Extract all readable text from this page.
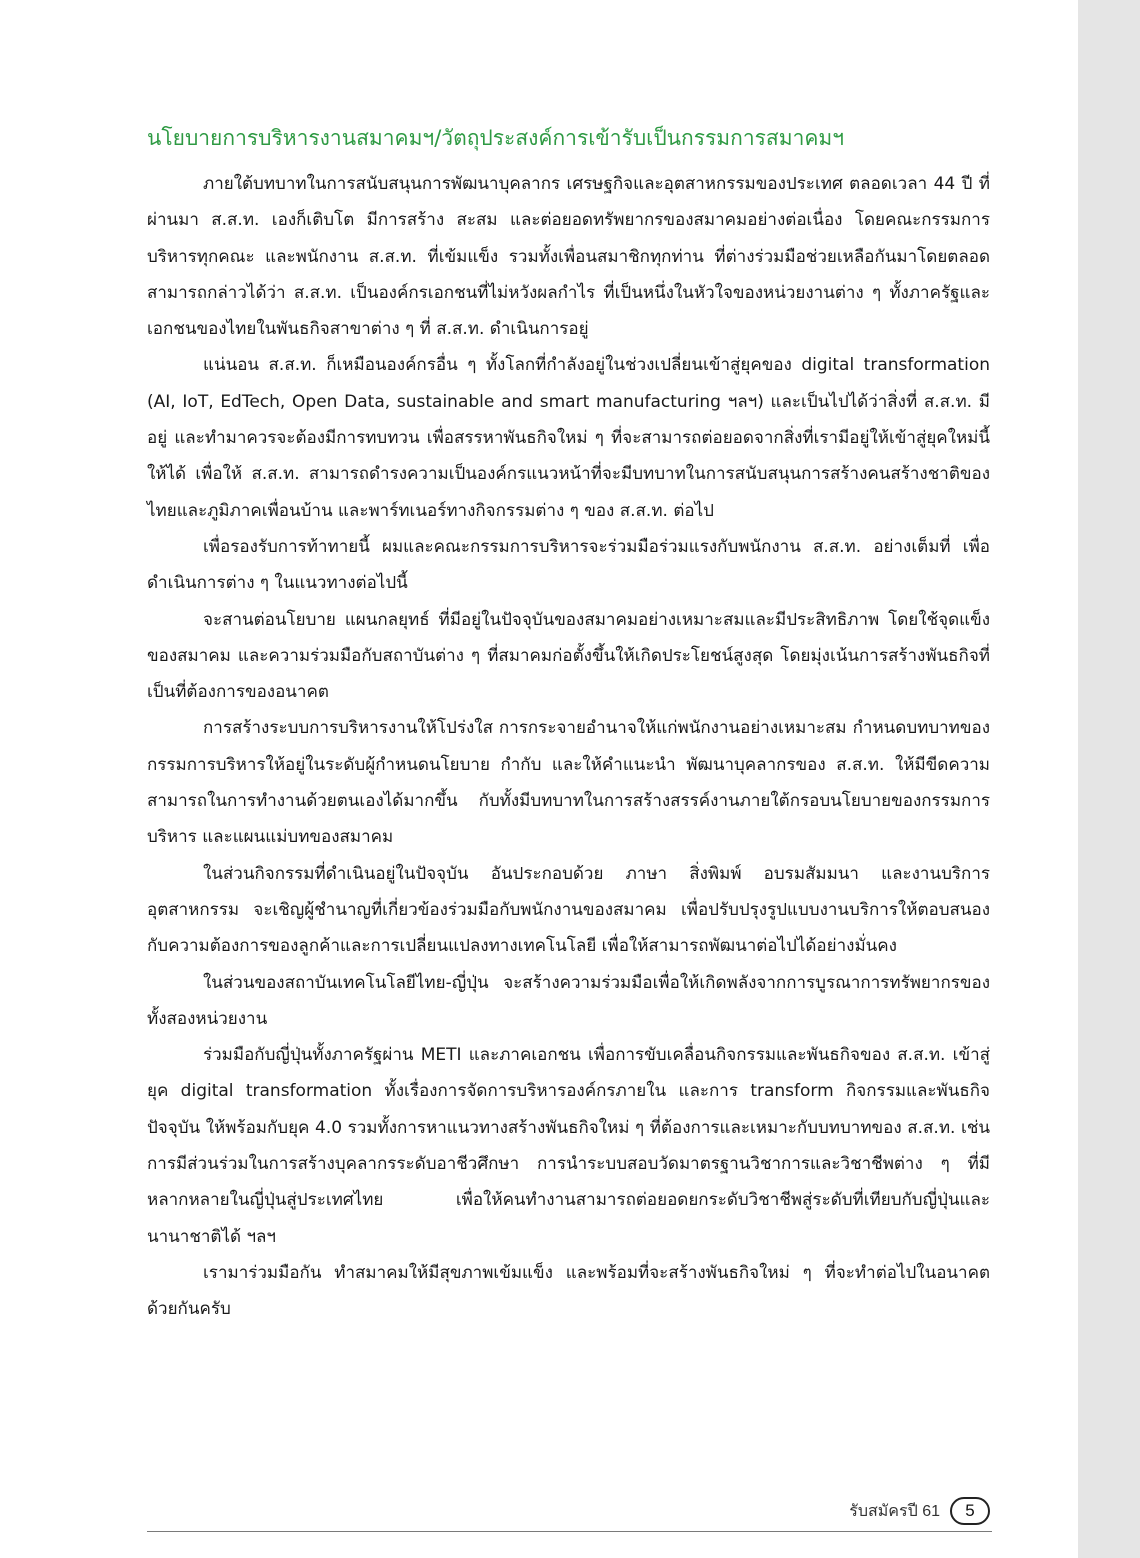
นโยบายการบริหารงานสมาคมฯ/วัตถุประสงค์การเข้ารับเป็นกรรมการสมาคมฯ

ภายใต้บทบาทในการสนับสนุนการพัฒนาบุคลากร เศรษฐกิจและอุตสาหกรรมของประเทศ ตลอดเวลา 44 ปี ที่ผ่านมา ส.ส.ท. เองก็เติบโต มีการสร้าง สะสม และต่อยอดทรัพยากรของสมาคมอย่างต่อเนื่อง โดยคณะกรรมการบริหารทุกคณะ และพนักงาน ส.ส.ท. ที่เข้มแข็ง รวมทั้งเพื่อนสมาชิกทุกท่าน ที่ต่างร่วมมือช่วยเหลือกันมาโดยตลอด สามารถกล่าวได้ว่า ส.ส.ท. เป็นองค์กรเอกชนที่ไม่หวังผลกำไร ที่เป็นหนึ่งในหัวใจของหน่วยงานต่าง ๆ ทั้งภาครัฐและเอกชนของไทยในพันธกิจสาขาต่าง ๆ ที่ ส.ส.ท. ดำเนินการอยู่

แน่นอน ส.ส.ท. ก็เหมือนองค์กรอื่น ๆ ทั้งโลกที่กำลังอยู่ในช่วงเปลี่ยนเข้าสู่ยุคของ digital transformation (AI, IoT, EdTech, Open Data, sustainable and smart manufacturing ฯลฯ) และเป็นไปได้ว่าสิ่งที่ ส.ส.ท. มีอยู่ และทำมาควรจะต้องมีการทบทวน เพื่อสรรหาพันธกิจใหม่ ๆ ที่จะสามารถต่อยอดจากสิ่งที่เรามีอยู่ให้เข้าสู่ยุคใหม่นี้ให้ได้ เพื่อให้ ส.ส.ท. สามารถดำรงความเป็นองค์กรแนวหน้าที่จะมีบทบาทในการสนับสนุนการสร้างคนสร้างชาติของไทยและภูมิภาคเพื่อนบ้าน และพาร์ทเนอร์ทางกิจกรรมต่าง ๆ ของ ส.ส.ท. ต่อไป

เพื่อรองรับการท้าทายนี้ ผมและคณะกรรมการบริหารจะร่วมมือร่วมแรงกับพนักงาน ส.ส.ท. อย่างเต็มที่ เพื่อดำเนินการต่าง ๆ ในแนวทางต่อไปนี้

จะสานต่อนโยบาย แผนกลยุทธ์ ที่มีอยู่ในปัจจุบันของสมาคมอย่างเหมาะสมและมีประสิทธิภาพ โดยใช้จุดแข็งของสมาคม และความร่วมมือกับสถาบันต่าง ๆ ที่สมาคมก่อตั้งขึ้นให้เกิดประโยชน์สูงสุด โดยมุ่งเน้นการสร้างพันธกิจที่เป็นที่ต้องการของอนาคต

การสร้างระบบการบริหารงานให้โปร่งใส การกระจายอำนาจให้แก่พนักงานอย่างเหมาะสม กำหนดบทบาทของกรรมการบริหารให้อยู่ในระดับผู้กำหนดนโยบาย กำกับ และให้คำแนะนำ พัฒนาบุคลากรของ ส.ส.ท. ให้มีขีดความสามารถในการทำงานด้วยตนเองได้มากขึ้น กับทั้งมีบทบาทในการสร้างสรรค์งานภายใต้กรอบนโยบายของกรรมการบริหาร และแผนแม่บทของสมาคม

ในส่วนกิจกรรมที่ดำเนินอยู่ในปัจจุบัน อันประกอบด้วย ภาษา สิ่งพิมพ์ อบรมสัมมนา และงานบริการอุตสาหกรรม จะเชิญผู้ชำนาญที่เกี่ยวข้องร่วมมือกับพนักงานของสมาคม เพื่อปรับปรุงรูปแบบงานบริการให้ตอบสนองกับความต้องการของลูกค้าและการเปลี่ยนแปลงทางเทคโนโลยี เพื่อให้สามารถพัฒนาต่อไปได้อย่างมั่นคง

ในส่วนของสถาบันเทคโนโลยีไทย-ญี่ปุ่น จะสร้างความร่วมมือเพื่อให้เกิดพลังจากการบูรณาการทรัพยากรของทั้งสองหน่วยงาน

ร่วมมือกับญี่ปุ่นทั้งภาครัฐผ่าน METI และภาคเอกชน เพื่อการขับเคลื่อนกิจกรรมและพันธกิจของ ส.ส.ท. เข้าสู่ยุค digital transformation ทั้งเรื่องการจัดการบริหารองค์กรภายใน และการ transform กิจกรรมและพันธกิจปัจจุบัน ให้พร้อมกับยุค 4.0 รวมทั้งการหาแนวทางสร้างพันธกิจใหม่ ๆ ที่ต้องการและเหมาะกับบทบาทของ ส.ส.ท. เช่น การมีส่วนร่วมในการสร้างบุคลากรระดับอาชีวศึกษา การนำระบบสอบวัดมาตรฐานวิชาการและวิชาชีพต่าง ๆ ที่มีหลากหลายในญี่ปุ่นสู่ประเทศไทย เพื่อให้คนทำงานสามารถต่อยอดยกระดับวิชาชีพสู่ระดับที่เทียบกับญี่ปุ่นและนานาชาติได้ ฯลฯ

เรามาร่วมมือกัน ทำสมาคมให้มีสุขภาพเข้มแข็ง และพร้อมที่จะสร้างพันธกิจใหม่ ๆ ที่จะทำต่อไปในอนาคตด้วยกันครับ

รับสมัครปี 61	5
